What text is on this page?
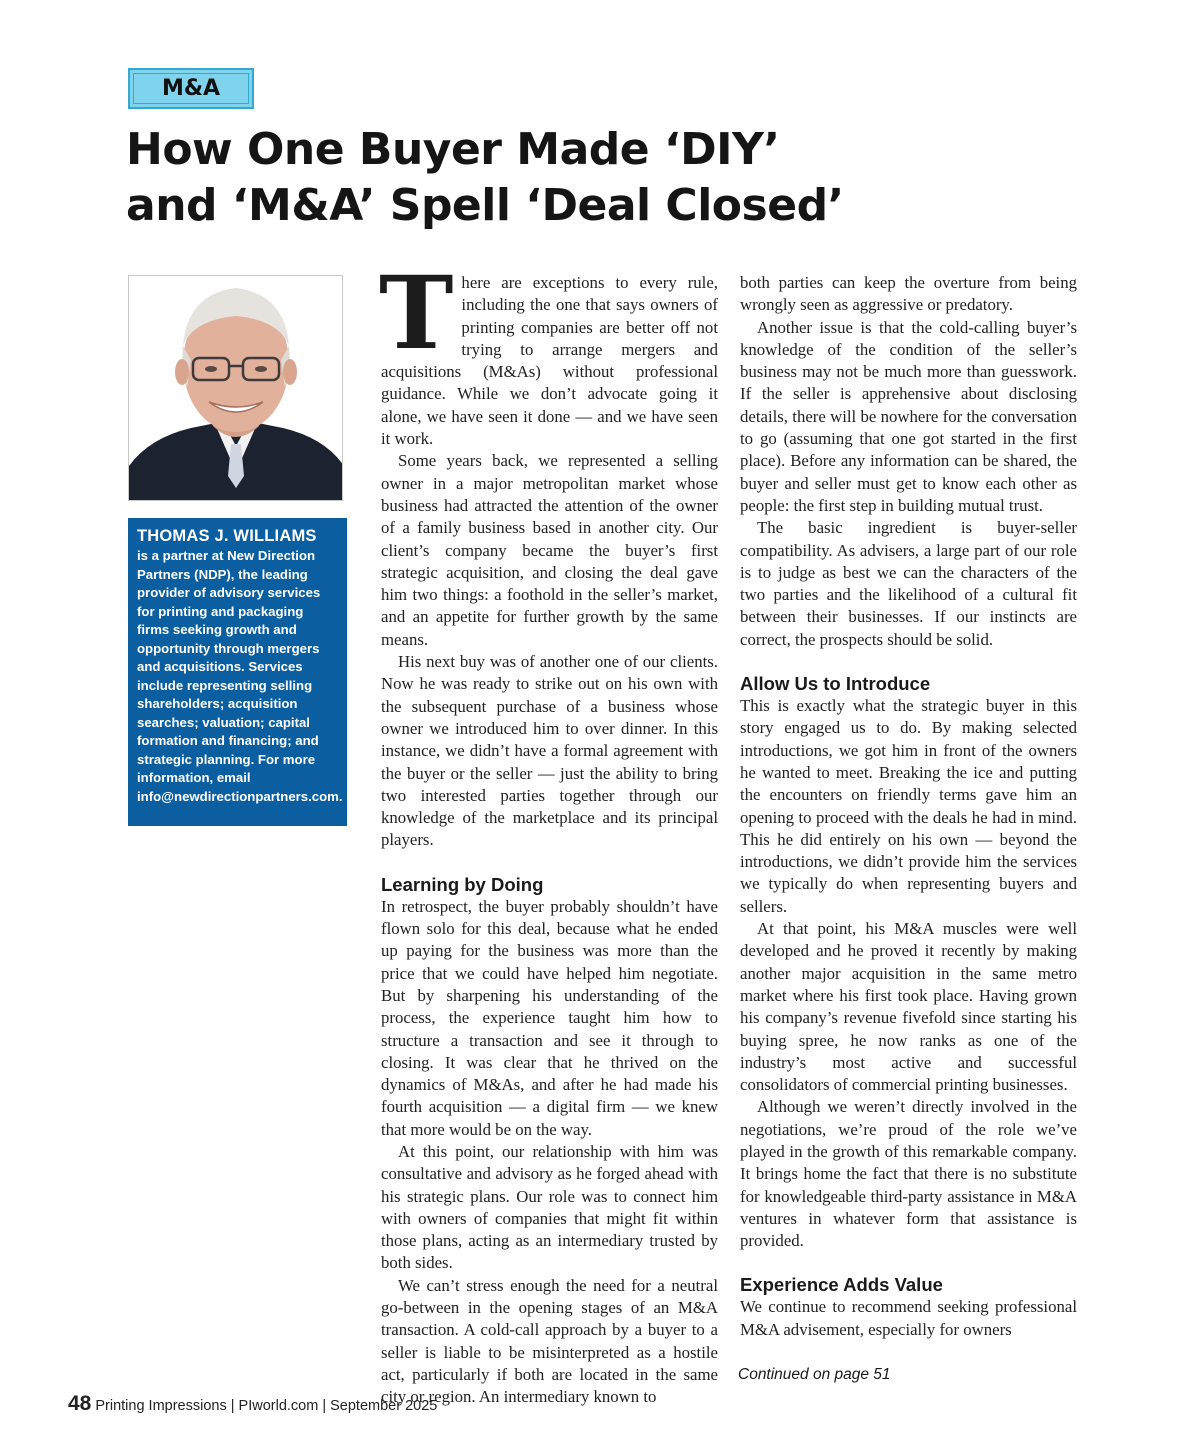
M&A
How One Buyer Made ‘DIY’
and ‘M&A’ Spell ‘Deal Closed’
THOMAS J. WILLIAMS
is a partner at New Direction Partners (NDP), the leading provider of advisory services for printing and packaging firms seeking growth and opportunity through mergers and acquisitions. Services include representing selling shareholders; acquisition searches; valuation; capital formation and financing; and strategic planning. For more information, email info@newdirectionpartners.com.

There are exceptions to every rule, including the one that says owners of printing companies are better off not trying to arrange mergers and acquisitions (M&As) without professional guidance. While we don’t advocate going it alone, we have seen it done — and we have seen it work.

Some years back, we represented a selling owner in a major metropolitan market whose business had attracted the attention of the owner of a family business based in another city. Our client’s company became the buyer’s first strategic acquisition, and closing the deal gave him two things: a foothold in the seller’s market, and an appetite for further growth by the same means.

His next buy was of another one of our clients. Now he was ready to strike out on his own with the subsequent purchase of a business whose owner we introduced him to over dinner. In this instance, we didn’t have a formal agreement with the buyer or the seller — just the ability to bring two interested parties together through our knowledge of the marketplace and its principal players.

Learning by Doing

In retrospect, the buyer probably shouldn’t have flown solo for this deal, because what he ended up paying for the business was more than the price that we could have helped him negotiate. But by sharpening his understanding of the process, the experience taught him how to structure a transaction and see it through to closing. It was clear that he thrived on the dynamics of M&As, and after he had made his fourth acquisition — a digital firm — we knew that more would be on the way.

At this point, our relationship with him was consultative and advisory as he forged ahead with his strategic plans. Our role was to connect him with owners of companies that might fit within those plans, acting as an intermediary trusted by both sides.

We can’t stress enough the need for a neutral go-between in the opening stages of an M&A transaction. A cold-call approach by a buyer to a seller is liable to be misinterpreted as a hostile act, particularly if both are located in the same city or region. An intermediary known to

both parties can keep the overture from being wrongly seen as aggressive or predatory.

Another issue is that the cold-calling buyer’s knowledge of the condition of the seller’s business may not be much more than guesswork. If the seller is apprehensive about disclosing details, there will be nowhere for the conversation to go (assuming that one got started in the first place). Before any information can be shared, the buyer and seller must get to know each other as people: the first step in building mutual trust.

The basic ingredient is buyer-seller compatibility. As advisers, a large part of our role is to judge as best we can the characters of the two parties and the likelihood of a cultural fit between their businesses. If our instincts are correct, the prospects should be solid.

Allow Us to Introduce

This is exactly what the strategic buyer in this story engaged us to do. By making selected introductions, we got him in front of the owners he wanted to meet. Breaking the ice and putting the encounters on friendly terms gave him an opening to proceed with the deals he had in mind. This he did entirely on his own — beyond the introductions, we didn’t provide him the services we typically do when representing buyers and sellers.

At that point, his M&A muscles were well developed and he proved it recently by making another major acquisition in the same metro market where his first took place. Having grown his company’s revenue fivefold since starting his buying spree, he now ranks as one of the industry’s most active and successful consolidators of commercial printing businesses.

Although we weren’t directly involved in the negotiations, we’re proud of the role we’ve played in the growth of this remarkable company. It brings home the fact that there is no substitute for knowledgeable third-party assistance in M&A ventures in whatever form that assistance is provided.

Experience Adds Value

We continue to recommend seeking professional M&A advisement, especially for owners

Continued on page 51
48 Printing Impressions | PIworld.com | September 2025
